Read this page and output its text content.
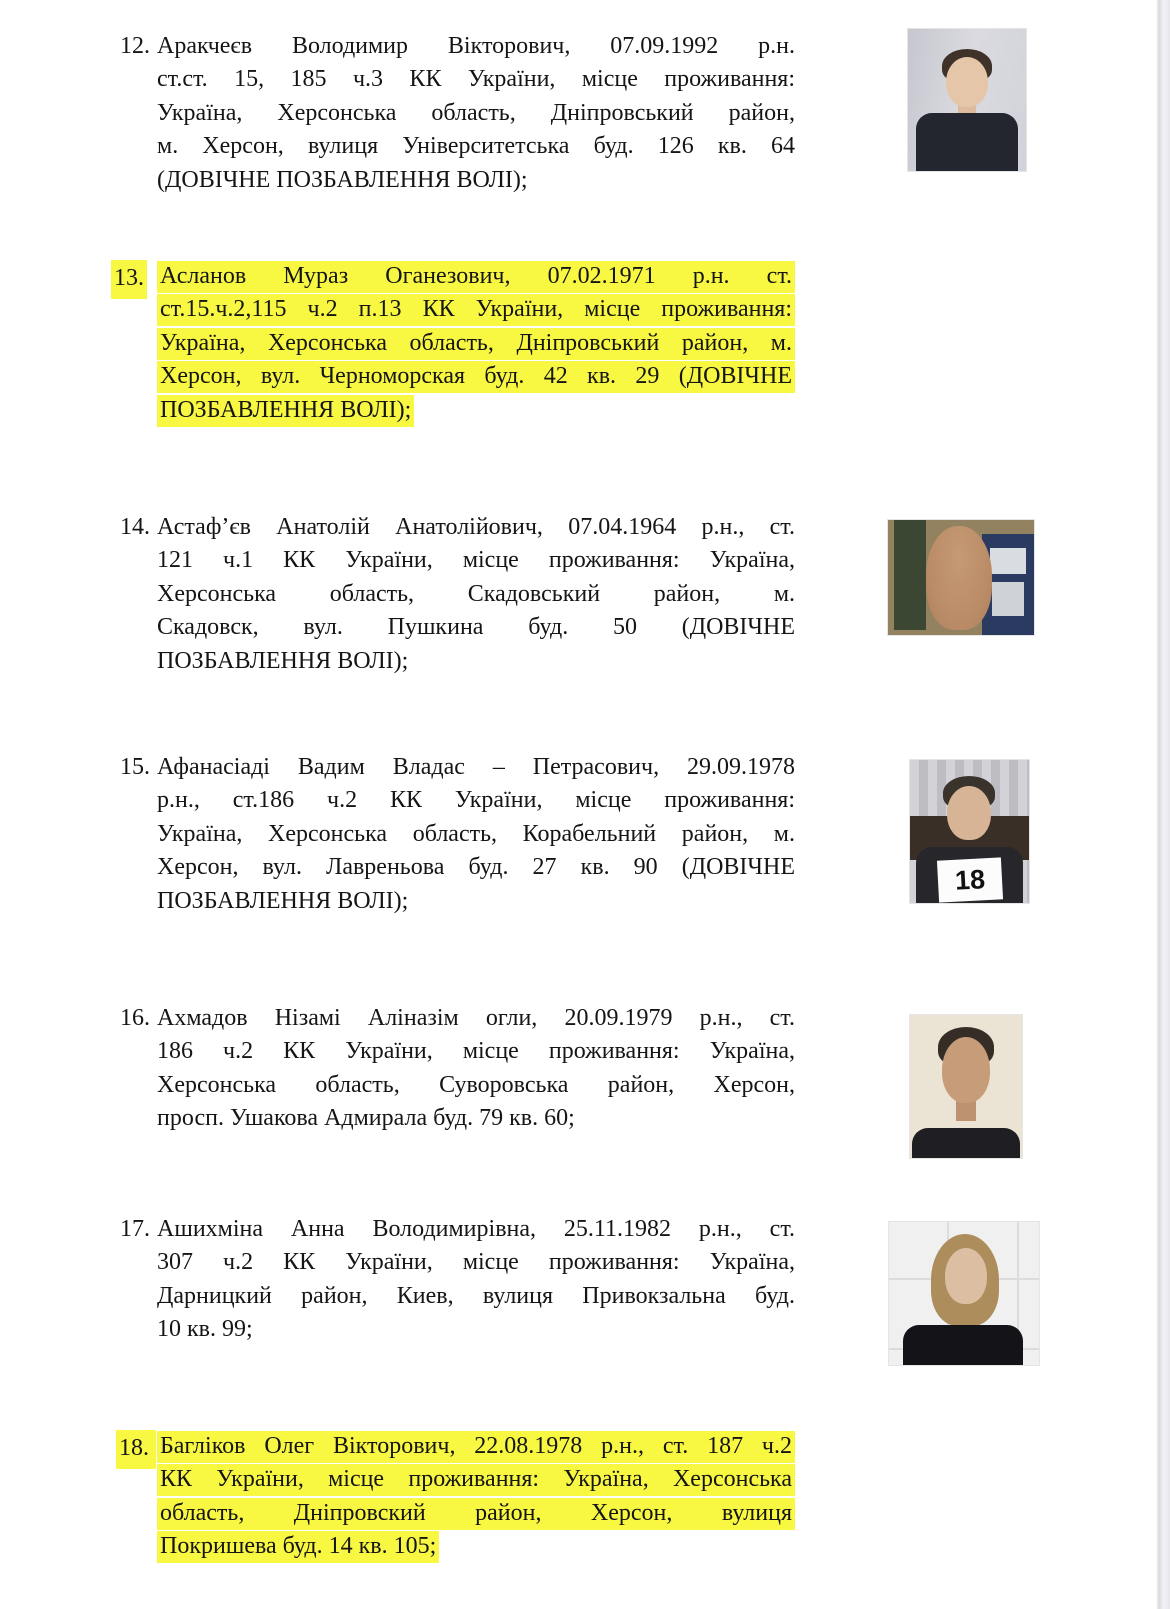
12. Аракчеєв Володимир Вікторович, 07.09.1992 р.н.
ст.ст. 15, 185 ч.3 КК України, місце проживання:
Україна, Херсонська область, Дніпровський район,
м. Херсон, вулиця Університетська буд. 126 кв. 64
(ДОВІЧНЕ ПОЗБАВЛЕННЯ ВОЛІ);
13. Асланов Мураз Оганезович, 07.02.1971 р.н. ст.
ст.15.ч.2,115 ч.2 п.13 КК України, місце проживання:
Україна, Херсонська область, Дніпровський район, м.
Херсон, вул. Черноморская буд. 42 кв. 29 (ДОВІЧНЕ
ПОЗБАВЛЕННЯ ВОЛІ);
14. Астаф’єв Анатолій Анатолійович, 07.04.1964 р.н., ст.
121 ч.1 КК України, місце проживання: Україна,
Херсонська область, Скадовський район, м.
Скадовск, вул. Пушкина буд. 50 (ДОВІЧНЕ
ПОЗБАВЛЕННЯ ВОЛІ);
15. Афанасіаді Вадим Владас – Петрасович, 29.09.1978
р.н., ст.186 ч.2 КК України, місце проживання:
Україна, Херсонська область, Корабельний район, м.
Херсон, вул. Лавреньова буд. 27 кв. 90 (ДОВІЧНЕ
ПОЗБАВЛЕННЯ ВОЛІ);
16. Ахмадов Нізамі Аліназім огли, 20.09.1979 р.н., ст.
186 ч.2 КК України, місце проживання: Україна,
Херсонська область, Суворовська район, Херсон,
просп. Ушакова Адмирала буд. 79 кв. 60;
17. Ашихміна Анна Володимирівна, 25.11.1982 р.н., ст.
307 ч.2 КК України, місце проживання: Україна,
Дарницкий район, Киев, вулиця Привокзальна буд.
10 кв. 99;
18. Багліков Олег Вікторович, 22.08.1978 р.н., ст. 187 ч.2
КК України, місце проживання: Україна, Херсонська
область, Дніпровский район, Херсон, вулиця
Покришева буд. 14 кв. 105;
18
